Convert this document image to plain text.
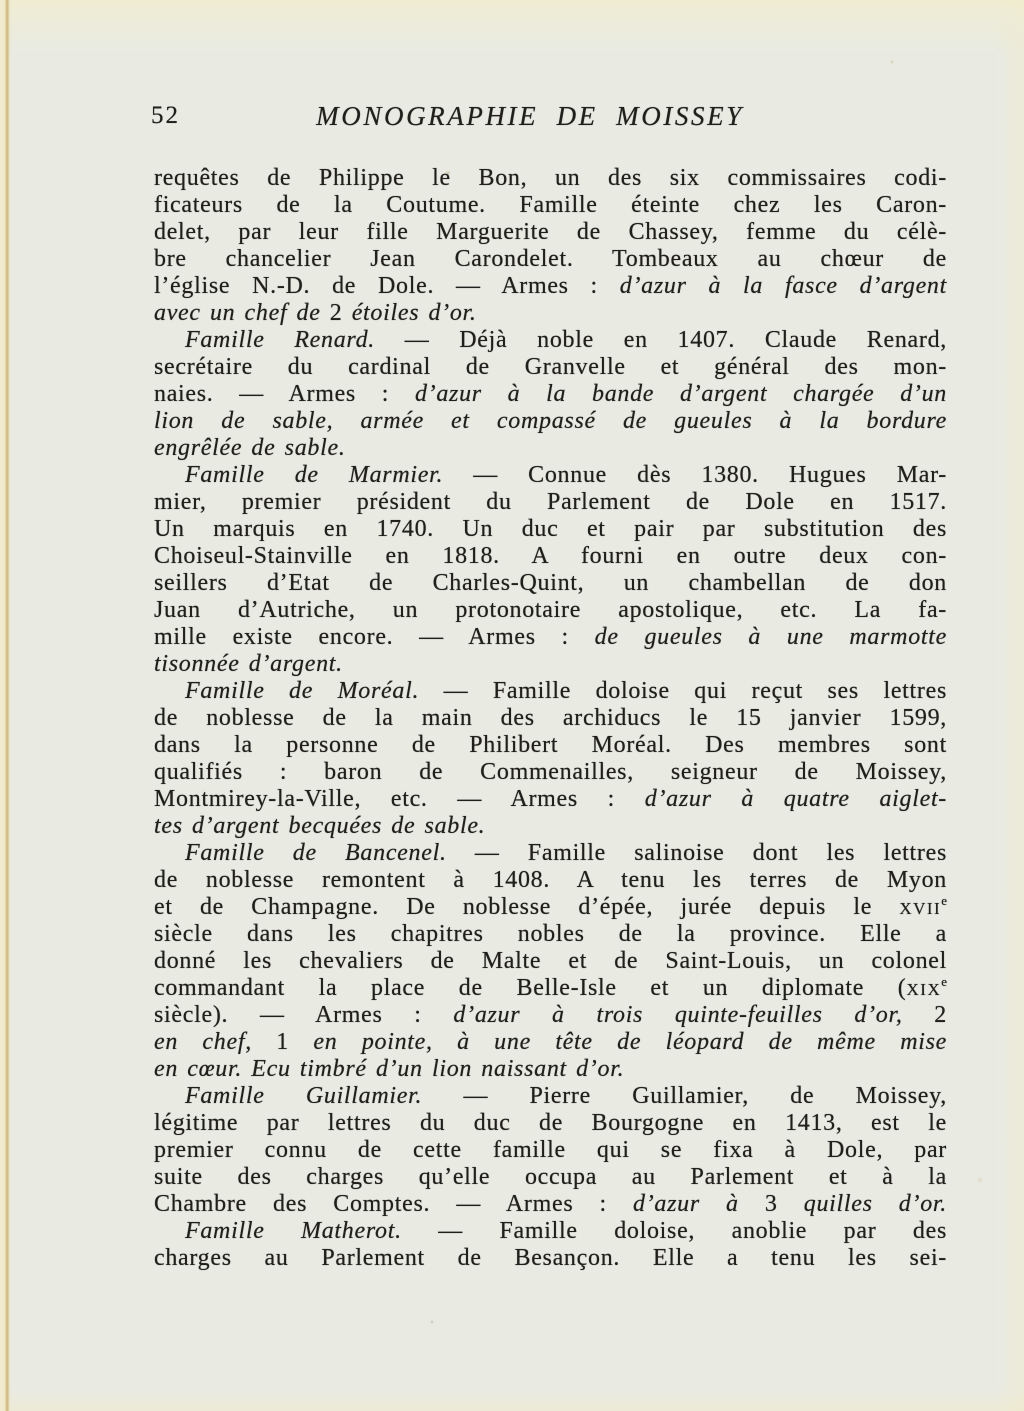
52	MONOGRAPHIE DE MOISSEY
requêtes de Philippe le Bon, un des six commissaires codi-
ficateurs de la Coutume. Famille éteinte chez les Caron-
delet, par leur fille Marguerite de Chassey, femme du célè-
bre chancelier Jean Carondelet. Tombeaux au chœur de
l’église N.-D. de Dole. — Armes : d’azur à la fasce d’argent
avec un chef de 2 étoiles d’or.
Famille Renard. — Déjà noble en 1407. Claude Renard,
secrétaire du cardinal de Granvelle et général des mon-
naies. — Armes : d’azur à la bande d’argent chargée d’un
lion de sable, armée et compassé de gueules à la bordure
engrêlée de sable.
Famille de Marmier. — Connue dès 1380. Hugues Mar-
mier, premier président du Parlement de Dole en 1517.
Un marquis en 1740. Un duc et pair par substitution des
Choiseul-Stainville en 1818. A fourni en outre deux con-
seillers d’Etat de Charles-Quint, un chambellan de don
Juan d’Autriche, un protonotaire apostolique, etc. La fa-
mille existe encore. — Armes : de gueules à une marmotte
tisonnée d’argent.
Famille de Moréal. — Famille doloise qui reçut ses lettres
de noblesse de la main des archiducs le 15 janvier 1599,
dans la personne de Philibert Moréal. Des membres sont
qualifiés : baron de Commenailles, seigneur de Moissey,
Montmirey-la-Ville, etc. — Armes : d’azur à quatre aiglet-
tes d’argent becquées de sable.
Famille de Bancenel. — Famille salinoise dont les lettres
de noblesse remontent à 1408. A tenu les terres de Myon
et de Champagne. De noblesse d’épée, jurée depuis le xvii$^e$
siècle dans les chapitres nobles de la province. Elle a
donné les chevaliers de Malte et de Saint-Louis, un colonel
commandant la place de Belle-Isle et un diplomate (xix$^e$
siècle). — Armes : d’azur à trois quinte-feuilles d’or, 2
en chef, 1 en pointe, à une tête de léopard de même mise
en cœur. Ecu timbré d’un lion naissant d’or.
Famille Guillamier. — Pierre Guillamier, de Moissey,
légitime par lettres du duc de Bourgogne en 1413, est le
premier connu de cette famille qui se fixa à Dole, par
suite des charges qu’elle occupa au Parlement et à la
Chambre des Comptes. — Armes : d’azur à 3 quilles d’or.
Famille Matherot. — Famille doloise, anoblie par des
charges au Parlement de Besançon. Elle a tenu les sei-
